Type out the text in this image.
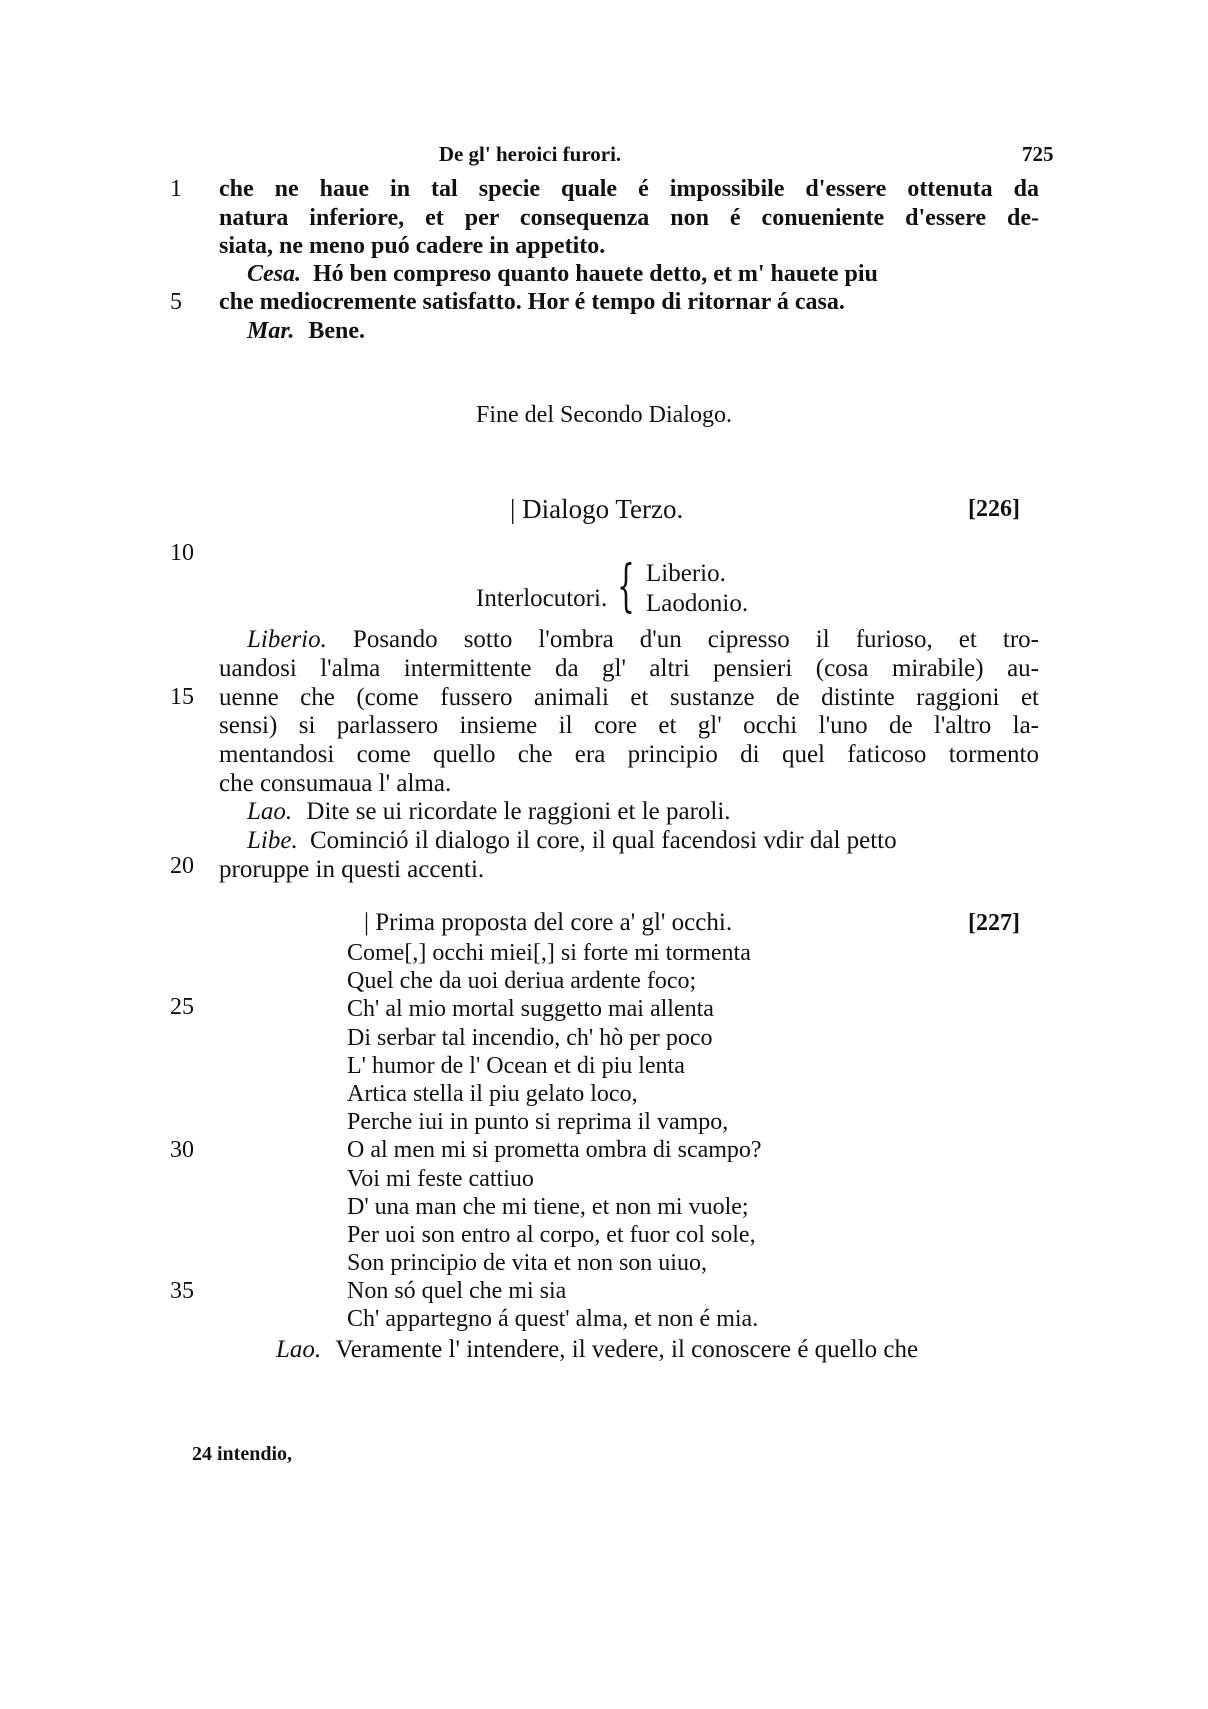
De gl' heroici furori.	725
1
5
10
15
20
25
30
35
che ne haue in tal specie quale é impossibile d'essere ottenuta da
natura inferiore, et per consequenza non é conueniente d'essere de-
siata, ne meno puó cadere in appetito.
Cesa. Hó ben compreso quanto hauete detto, et m' hauete piu
che mediocremente satisfatto. Hor é tempo di ritornar á casa.
Mar. Bene.
Fine del Secondo Dialogo.
| Dialogo Terzo.	[226]
Interlocutori. { Liberio.
Laodonio.
Liberio. Posando sotto l'ombra d'un cipresso il furioso, et tro-
uandosi l'alma intermittente da gl' altri pensieri (cosa mirabile) au-
uenne che (come fussero animali et sustanze de distinte raggioni et
sensi) si parlassero insieme il core et gl' occhi l'uno de l'altro la-
mentandosi come quello che era principio di quel faticoso tormento
che consumaua l' alma.
Lao. Dite se ui ricordate le raggioni et le paroli.
Libe. Cominció il dialogo il core, il qual facendosi vdir dal petto
proruppe in questi accenti.
| Prima proposta del core a' gl' occhi.	[227]
Come[,] occhi miei[,] si forte mi tormenta
Quel che da uoi deriua ardente foco;
Ch' al mio mortal suggetto mai allenta
Di serbar tal incendio, ch' hò per poco
L' humor de l' Ocean et di piu lenta
Artica stella il piu gelato loco,
Perche iui in punto si reprima il vampo,
O al men mi si prometta ombra di scampo?
Voi mi feste cattiuo
D' una man che mi tiene, et non mi vuole;
Per uoi son entro al corpo, et fuor col sole,
Son principio de vita et non son uiuo,
Non só quel che mi sia
Ch' appartegno á quest' alma, et non é mia.
Lao. Veramente l' intendere, il vedere, il conoscere é quello che
24 intendio,
